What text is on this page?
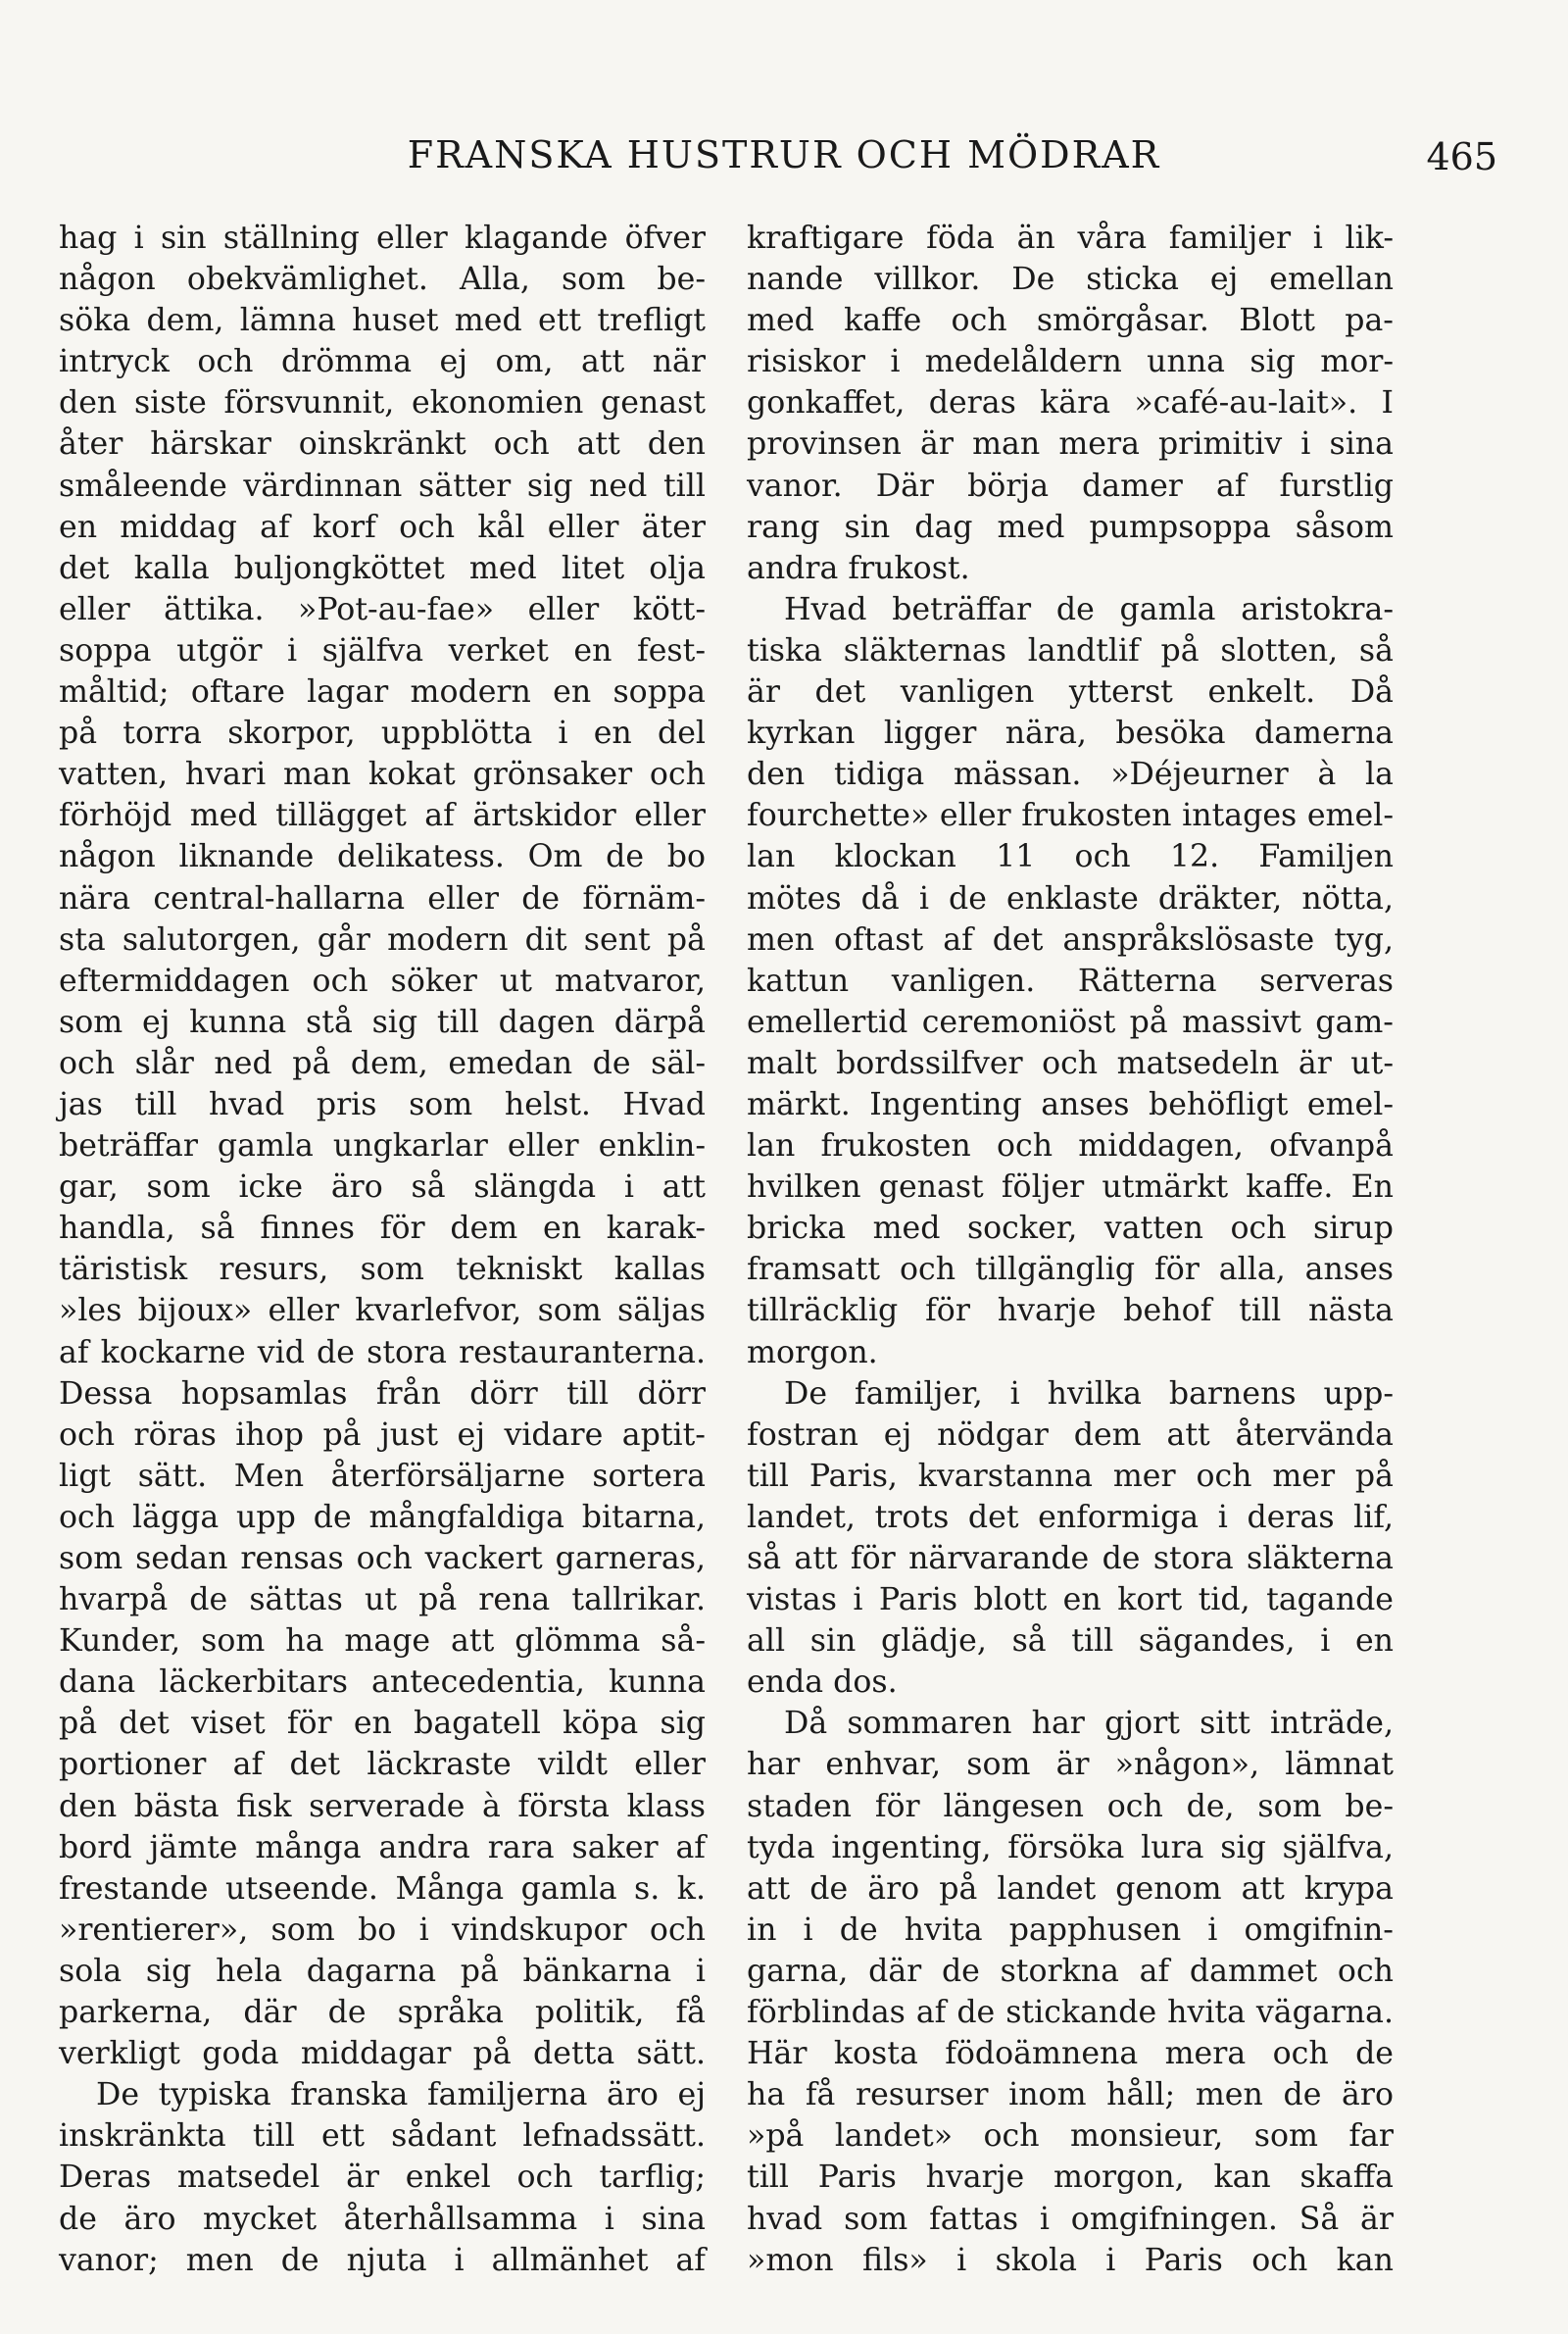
FRANSKA HUSTRUR OCH MÖDRAR	465
hag i sin ställning eller klagande öfver
någon obekvämlighet. Alla, som be-
söka dem, lämna huset med ett trefligt
intryck och drömma ej om, att när
den siste försvunnit, ekonomien genast
åter härskar oinskränkt och att den
småleende värdinnan sätter sig ned till
en middag af korf och kål eller äter
det kalla buljongköttet med litet olja
eller ättika. »Pot-au-fae» eller kött-
soppa utgör i själfva verket en fest-
måltid; oftare lagar modern en soppa
på torra skorpor, uppblötta i en del
vatten, hvari man kokat grönsaker och
förhöjd med tillägget af ärtskidor eller
någon liknande delikatess. Om de bo
nära central-hallarna eller de förnäm-
sta salutorgen, går modern dit sent på
eftermiddagen och söker ut matvaror,
som ej kunna stå sig till dagen därpå
och slår ned på dem, emedan de säl-
jas till hvad pris som helst. Hvad
beträffar gamla ungkarlar eller enklin-
gar, som icke äro så slängda i att
handla, så finnes för dem en karak-
täristisk resurs, som tekniskt kallas
»les bijoux» eller kvarlefvor, som säljas
af kockarne vid de stora restauranterna.
Dessa hopsamlas från dörr till dörr
och röras ihop på just ej vidare aptit-
ligt sätt. Men återförsäljarne sortera
och lägga upp de mångfaldiga bitarna,
som sedan rensas och vackert garneras,
hvarpå de sättas ut på rena tallrikar.
Kunder, som ha mage att glömma så-
dana läckerbitars antecedentia, kunna
på det viset för en bagatell köpa sig
portioner af det läckraste vildt eller
den bästa fisk serverade à första klass
bord jämte många andra rara saker af
frestande utseende. Många gamla s. k.
»rentierer», som bo i vindskupor och
sola sig hela dagarna på bänkarna i
parkerna, där de språka politik, få
verkligt goda middagar på detta sätt.
De typiska franska familjerna äro ej
inskränkta till ett sådant lefnadssätt.
Deras matsedel är enkel och tarflig;
de äro mycket återhållsamma i sina
vanor; men de njuta i allmänhet af
kraftigare föda än våra familjer i lik-
nande villkor. De sticka ej emellan
med kaffe och smörgåsar. Blott pa-
risiskor i medelåldern unna sig mor-
gonkaffet, deras kära »café-au-lait». I
provinsen är man mera primitiv i sina
vanor. Där börja damer af furstlig
rang sin dag med pumpsoppa såsom
andra frukost.
Hvad beträffar de gamla aristokra-
tiska släkternas landtlif på slotten, så
är det vanligen ytterst enkelt. Då
kyrkan ligger nära, besöka damerna
den tidiga mässan. »Déjeurner à la
fourchette» eller frukosten intages emel-
lan klockan 11 och 12. Familjen
mötes då i de enklaste dräkter, nötta,
men oftast af det anspråkslösaste tyg,
kattun vanligen. Rätterna serveras
emellertid ceremoniöst på massivt gam-
malt bordssilfver och matsedeln är ut-
märkt. Ingenting anses behöfligt emel-
lan frukosten och middagen, ofvanpå
hvilken genast följer utmärkt kaffe. En
bricka med socker, vatten och sirup
framsatt och tillgänglig för alla, anses
tillräcklig för hvarje behof till nästa
morgon.
De familjer, i hvilka barnens upp-
fostran ej nödgar dem att återvända
till Paris, kvarstanna mer och mer på
landet, trots det enformiga i deras lif,
så att för närvarande de stora släkterna
vistas i Paris blott en kort tid, tagande
all sin glädje, så till sägandes, i en
enda dos.
Då sommaren har gjort sitt inträde,
har enhvar, som är »någon», lämnat
staden för längesen och de, som be-
tyda ingenting, försöka lura sig själfva,
att de äro på landet genom att krypa
in i de hvita papphusen i omgifnin-
garna, där de storkna af dammet och
förblindas af de stickande hvita vägarna.
Här kosta födoämnena mera och de
ha få resurser inom håll; men de äro
»på landet» och monsieur, som far
till Paris hvarje morgon, kan skaffa
hvad som fattas i omgifningen. Så är
»mon fils» i skola i Paris och kan
